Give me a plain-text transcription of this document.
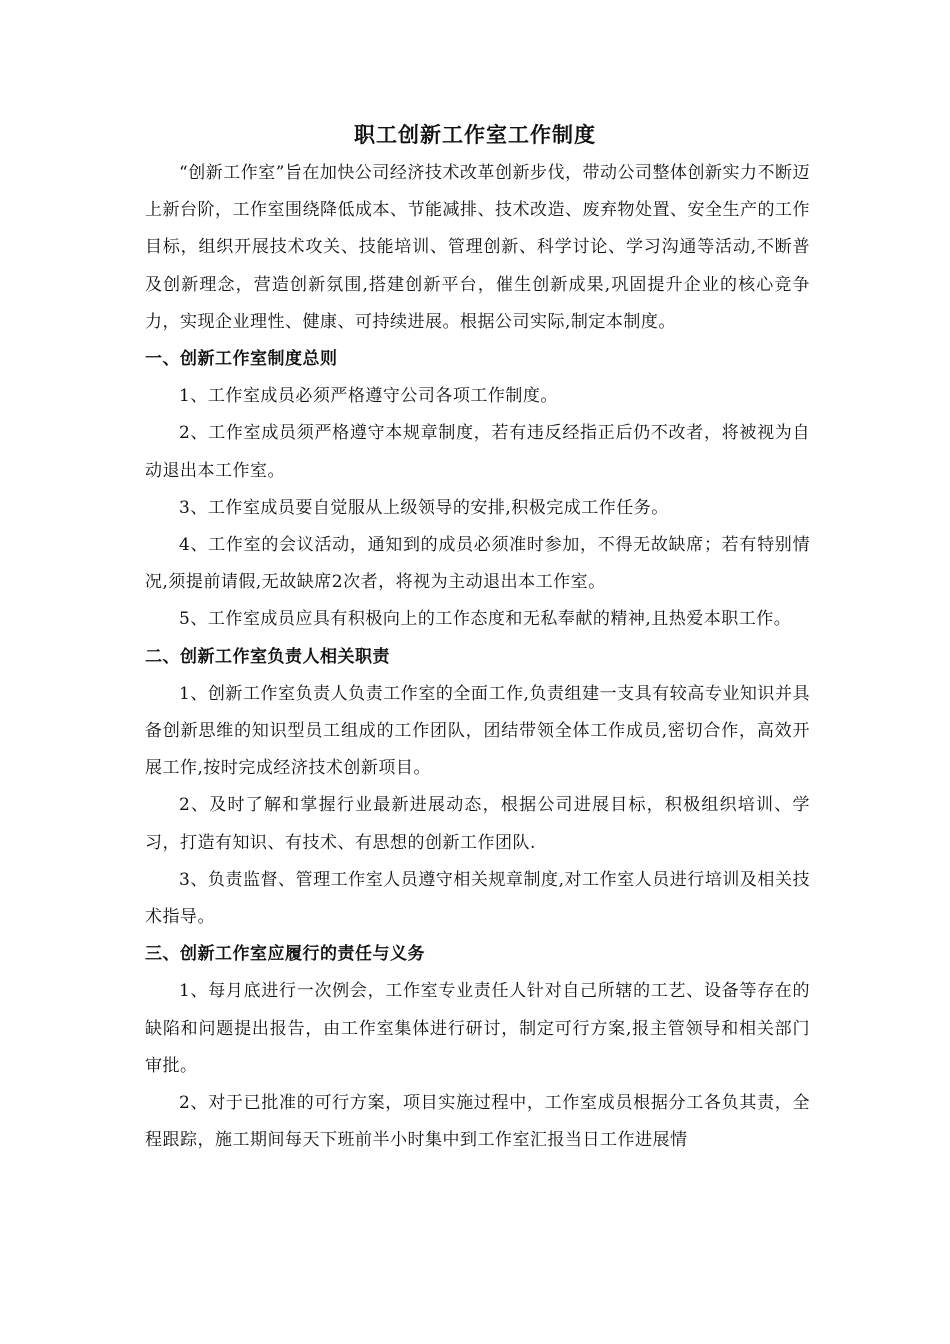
职工创新工作室工作制度

“创新工作室”旨在加快公司经济技术改革创新步伐，带动公司整体创新实力不断迈上新台阶，工作室围绕降低成本、节能减排、技术改造、废弃物处置、安全生产的工作目标，组织开展技术攻关、技能培训、管理创新、科学讨论、学习沟通等活动,不断普及创新理念，营造创新氛围,搭建创新平台，催生创新成果,巩固提升企业的核心竞争力，实现企业理性、健康、可持续进展。根据公司实际,制定本制度。

一、创新工作室制度总则

1、工作室成员必须严格遵守公司各项工作制度。

2、工作室成员须严格遵守本规章制度，若有违反经指正后仍不改者，将被视为自动退出本工作室。

3、工作室成员要自觉服从上级领导的安排,积极完成工作任务。

4、工作室的会议活动，通知到的成员必须准时参加，不得无故缺席；若有特别情况,须提前请假,无故缺席2次者，将视为主动退出本工作室。

5、工作室成员应具有积极向上的工作态度和无私奉献的精神,且热爱本职工作。

二、创新工作室负责人相关职责

1、创新工作室负责人负责工作室的全面工作,负责组建一支具有较高专业知识并具备创新思维的知识型员工组成的工作团队，团结带领全体工作成员,密切合作，高效开展工作,按时完成经济技术创新项目。

2、及时了解和掌握行业最新进展动态，根据公司进展目标，积极组织培训、学习，打造有知识、有技术、有思想的创新工作团队.

3、负责监督、管理工作室人员遵守相关规章制度,对工作室人员进行培训及相关技术指导。

三、创新工作室应履行的责任与义务

1、每月底进行一次例会，工作室专业责任人针对自己所辖的工艺、设备等存在的缺陷和问题提出报告，由工作室集体进行研讨，制定可行方案,报主管领导和相关部门审批。

2、对于已批准的可行方案，项目实施过程中，工作室成员根据分工各负其责，全程跟踪，施工期间每天下班前半小时集中到工作室汇报当日工作进展情
